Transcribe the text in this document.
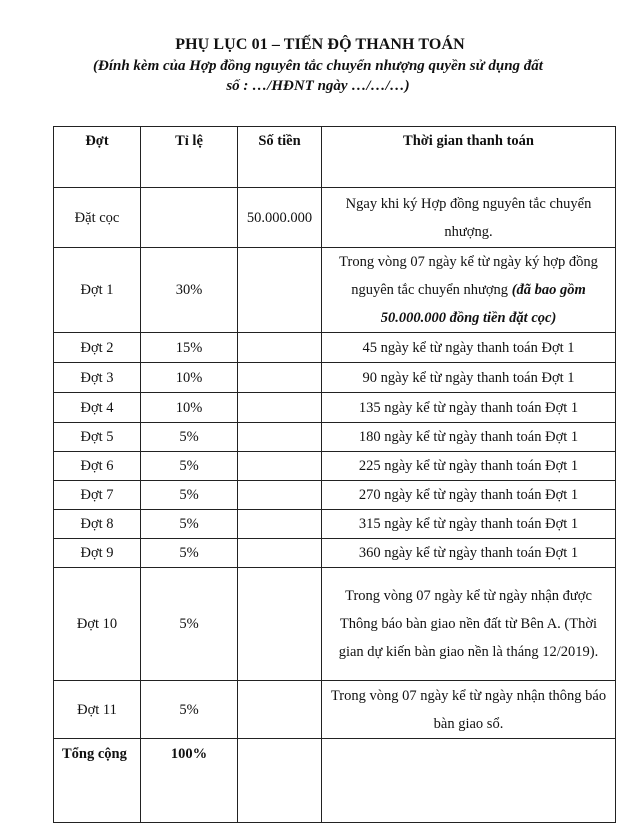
PHỤ LỤC 01 – TIẾN ĐỘ THANH TOÁN
(Đính kèm của Hợp đồng nguyên tắc chuyển nhượng quyền sử dụng đất
số : …/HĐNT ngày …/…/…)
Đợt	Tỉ lệ	Số tiền	Thời gian thanh toán
Đặt cọc		50.000.000	Ngay khi ký Hợp đồng nguyên tắc chuyển nhượng.
Đợt 1	30%		Trong vòng 07 ngày kể từ ngày ký hợp đồng nguyên tắc chuyển nhượng (đã bao gồm 50.000.000 đồng tiền đặt cọc)
Đợt 2	15%		45 ngày kể từ ngày thanh toán Đợt 1
Đợt 3	10%		90 ngày kể từ ngày thanh toán Đợt 1
Đợt 4	10%		135 ngày kể từ ngày thanh toán Đợt 1
Đợt 5	5%		180 ngày kể từ ngày thanh toán Đợt 1
Đợt 6	5%		225 ngày kể từ ngày thanh toán Đợt 1
Đợt 7	5%		270 ngày kể từ ngày thanh toán Đợt 1
Đợt 8	5%		315 ngày kể từ ngày thanh toán Đợt 1
Đợt 9	5%		360 ngày kể từ ngày thanh toán Đợt 1
Đợt 10	5%		Trong vòng 07 ngày kể từ ngày nhận được Thông báo bàn giao nền đất từ Bên A. (Thời gian dự kiến bàn giao nền là tháng 12/2019).
Đợt 11	5%		Trong vòng 07 ngày kể từ ngày nhận thông báo bàn giao sổ.
Tổng cộng	100%		
